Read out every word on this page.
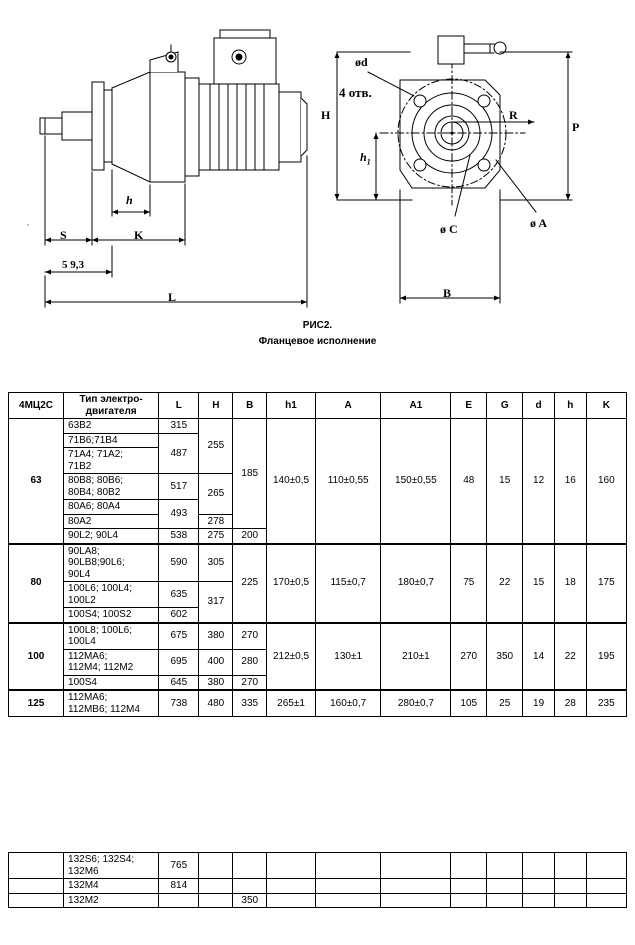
h
S	K
5 9,3
L
H
ød
4 отв.
R
P
$h_1$
ø C	ø A
B
РИС2.
Фланцевое исполнение
4МЦ2С	Тип электро-
двигателя	L	H	B	h1	A	A1	E	G	d	h	K
63	63В2	315	255	185	140±0,5	110±0,55	150±0,55	48	15	12	16	160
	71В6;71В4	487										
	71А4; 71А2;
71В2											
	80В8; 80В6;
80В4; 80В2	517	265									
	80А6; 80А4	493										
	80А2		278									
	90L2; 90L4	538	275	200								
80	90LА8;
90LВ8;90L6;
90L4	590	305	225	170±0,5	115±0,7	180±0,7	75	22	15	18	175
	100L6; 100L4;
100L2	635	317									
	100S4; 100S2	602										
100	100L8; 100L6;
100L4	675	380	270	212±0,5	130±1	210±1	270	350	14	22	195
	112МА6;
112М4; 112М2	695	400	280								
	100S4	645	380	270								
125	112МА6;
112МВ6; 112М4	738	480	335	265±1	160±0,7	280±0,7	105	25	19	28	235
	132S6; 132S4;
132М6	765										
	132М4	814										
	132М2			350								
